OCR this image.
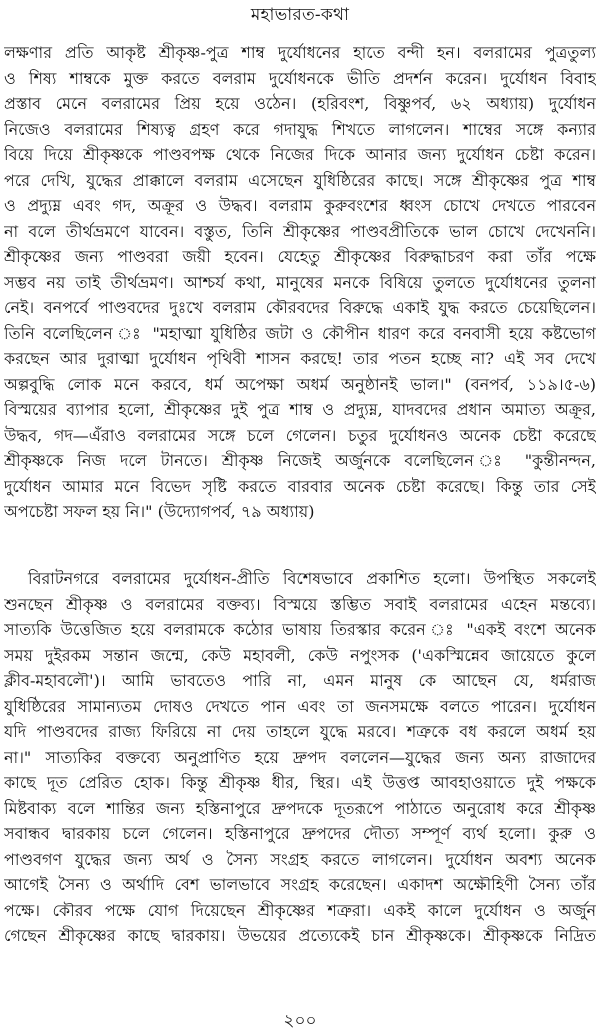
মহাভারত-কথা
লক্ষণার প্রতি আকৃষ্ট শ্রীকৃষ্ণ-পুত্র শাম্ব দুর্যোধনের হাতে বন্দী হন। বলরামের পুত্রতুল্য
ও শিষ্য শাম্বকে মুক্ত করতে বলরাম দুর্যোধনকে ভীতি প্রদর্শন করেন। দুর্যোধন বিবাহ
প্রস্তাব মেনে বলরামের প্রিয় হয়ে ওঠেন। (হরিবংশ, বিষ্ণুপর্ব, ৬২ অধ্যায়) দুর্যোধন
নিজেও বলরামের শিষ্যত্ব গ্রহণ করে গদাযুদ্ধ শিখতে লাগলেন। শাম্বের সঙ্গে কন্যার
বিয়ে দিয়ে শ্রীকৃষ্ণকে পাণ্ডবপক্ষ থেকে নিজের দিকে আনার জন্য দুর্যোধন চেষ্টা করেন।
পরে দেখি, যুদ্ধের প্রাক্কালে বলরাম এসেছেন যুধিষ্ঠিরের কাছে। সঙ্গে শ্রীকৃষ্ণের পুত্র শাম্ব
ও প্রদ্যুম্ন এবং গদ, অক্রূর ও উদ্ধব। বলরাম কুরুবংশের ধ্বংস চোখে দেখতে পারবেন
না বলে তীর্থভ্রমণে যাবেন। বস্তুত, তিনি শ্রীকৃষ্ণের পাণ্ডবপ্রীতিকে ভাল চোখে দেখেননি।
শ্রীকৃষ্ণের জন্য পাণ্ডবরা জয়ী হবেন। যেহেতু শ্রীকৃষ্ণের বিরুদ্ধাচরণ করা তাঁর পক্ষে
সম্ভব নয় তাই তীর্থভ্রমণ। আশ্চর্য কথা, মানুষের মনকে বিষিয়ে তুলতে দুর্যোধনের তুলনা
নেই। বনপর্বে পাণ্ডবদের দুঃখে বলরাম কৌরবদের বিরুদ্ধে একাই যুদ্ধ করতে চেয়েছিলেন।
তিনি বলেছিলেন ঃ "মহাত্মা যুধিষ্ঠির জটা ও কৌপীন ধারণ করে বনবাসী হয়ে কষ্টভোগ
করছেন আর দুরাত্মা দুর্যোধন পৃথিবী শাসন করছে! তার পতন হচ্ছে না? এই সব দেখে
অল্পবুদ্ধি লোক মনে করবে, ধর্ম অপেক্ষা অধর্ম অনুষ্ঠানই ভাল।" (বনপর্ব, ১১৯।৫-৬)
বিস্ময়ের ব্যাপার হলো, শ্রীকৃষ্ণের দুই পুত্র শাম্ব ও প্রদ্যুম্ন, যাদবদের প্রধান অমাত্য অক্রূর,
উদ্ধব, গদ—এঁরাও বলরামের সঙ্গে চলে গেলেন। চতুর দুর্যোধনও অনেক চেষ্টা করেছে
শ্রীকৃষ্ণকে নিজ দলে টানতে। শ্রীকৃষ্ণ নিজেই অর্জুনকে বলেছিলেন ঃ "কুন্তীনন্দন,
দুর্যোধন আমার মনে বিভেদ সৃষ্টি করতে বারবার অনেক চেষ্টা করেছে। কিন্তু তার সেই
অপচেষ্টা সফল হয় নি।" (উদ্যোগপর্ব, ৭৯ অধ্যায়)
বিরাটনগরে বলরামের দুর্যোধন-প্রীতি বিশেষভাবে প্রকাশিত হলো। উপস্থিত সকলেই
শুনছেন শ্রীকৃষ্ণ ও বলরামের বক্তব্য। বিস্ময়ে স্তম্ভিত সবাই বলরামের এহেন মন্তব্যে।
সাত্যকি উত্তেজিত হয়ে বলরামকে কঠোর ভাষায় তিরস্কার করেন ঃ "একই বংশে অনেক
সময় দুইরকম সন্তান জন্মে, কেউ মহাবলী, কেউ নপুংসক ('একস্মিন্নেব জায়েতে কুলে
ক্লীব-মহাবলৌ')। আমি ভাবতেও পারি না, এমন মানুষ কে আছেন যে, ধর্মরাজ
যুধিষ্ঠিরের সামান্যতম দোষও দেখতে পান এবং তা জনসমক্ষে বলতে পারেন। দুর্যোধন
যদি পাণ্ডবদের রাজ্য ফিরিয়ে না দেয় তাহলে যুদ্ধে মরবে। শত্রুকে বধ করলে অধর্ম হয়
না।" সাত্যকির বক্তব্যে অনুপ্রাণিত হয়ে দ্রুপদ বললেন—যুদ্ধের জন্য অন্য রাজাদের
কাছে দূত প্রেরিত হোক। কিন্তু শ্রীকৃষ্ণ ধীর, স্থির। এই উত্তপ্ত আবহাওয়াতে দুই পক্ষকে
মিষ্টবাক্য বলে শান্তির জন্য হস্তিনাপুরে দ্রুপদকে দূতরূপে পাঠাতে অনুরোধ করে শ্রীকৃষ্ণ
সবান্ধব দ্বারকায় চলে গেলেন। হস্তিনাপুরে দ্রুপদের দৌত্য সম্পূর্ণ ব্যর্থ হলো। কুরু ও
পাণ্ডবগণ যুদ্ধের জন্য অর্থ ও সৈন্য সংগ্রহ করতে লাগলেন। দুর্যোধন অবশ্য অনেক
আগেই সৈন্য ও অর্থাদি বেশ ভালভাবে সংগ্রহ করেছেন। একাদশ অক্ষৌহিণী সৈন্য তাঁর
পক্ষে। কৌরব পক্ষে যোগ দিয়েছেন শ্রীকৃষ্ণের শত্রুরা। একই কালে দুর্যোধন ও অর্জুন
গেছেন শ্রীকৃষ্ণের কাছে দ্বারকায়। উভয়ের প্রত্যেকেই চান শ্রীকৃষ্ণকে। শ্রীকৃষ্ণকে নিদ্রিত
২০০
